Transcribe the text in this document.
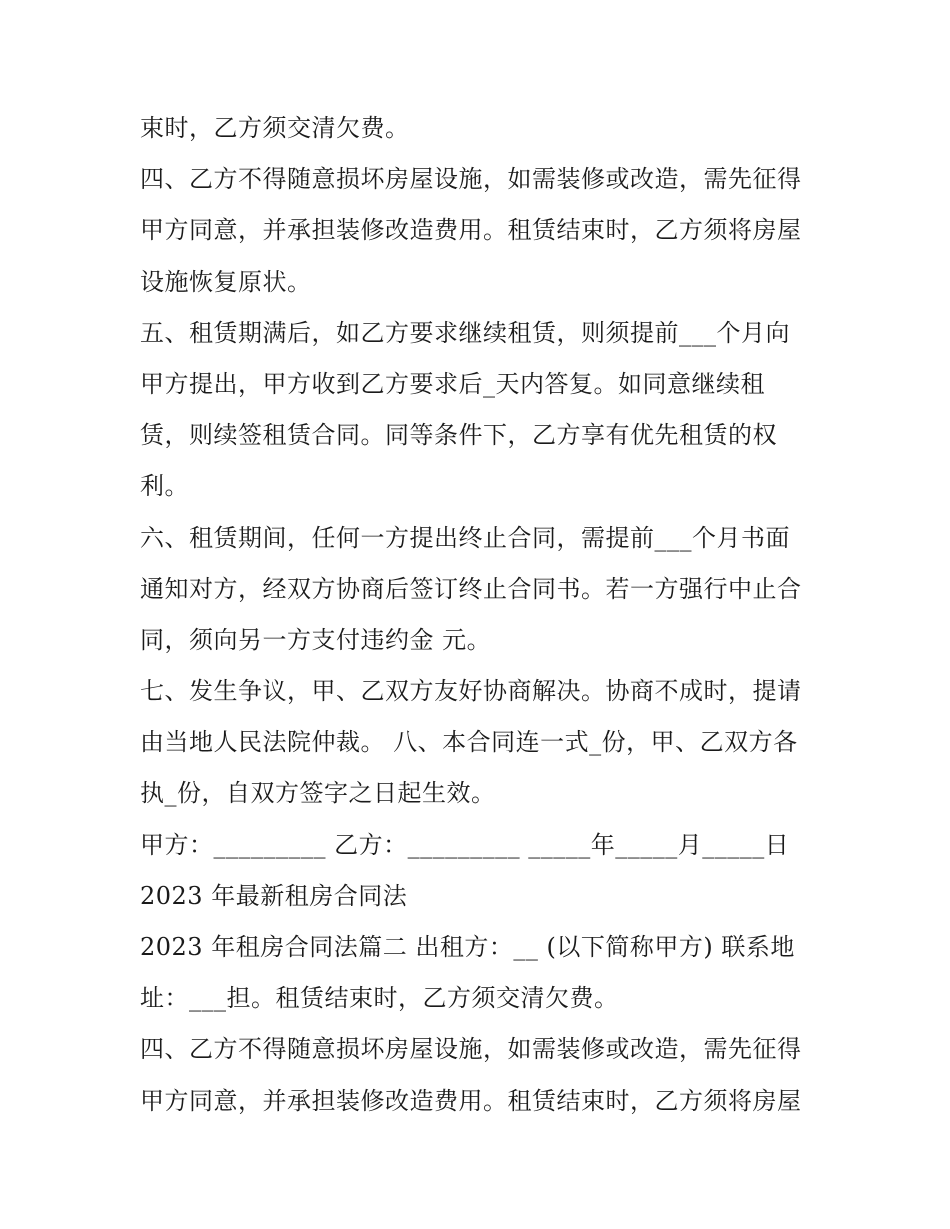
束时，乙方须交清欠费。
四、乙方不得随意损坏房屋设施，如需装修或改造，需先征得
甲方同意，并承担装修改造费用。租赁结束时，乙方须将房屋
设施恢复原状。
五、租赁期满后，如乙方要求继续租赁，则须提前___个月向
甲方提出，甲方收到乙方要求后_天内答复。如同意继续租
赁，则续签租赁合同。同等条件下，乙方享有优先租赁的权
利。
六、租赁期间，任何一方提出终止合同，需提前___个月书面
通知对方，经双方协商后签订终止合同书。若一方强行中止合
同，须向另一方支付违约金 元。
七、发生争议，甲、乙双方友好协商解决。协商不成时，提请
由当地人民法院仲裁。 八、本合同连一式_份，甲、乙双方各
执_份，自双方签字之日起生效。
甲方：_________ 乙方：_________ _____年_____月_____日
2023 年最新租房合同法
2023 年租房合同法篇二 出租方：__ (以下简称甲方) 联系地
址：___担。租赁结束时，乙方须交清欠费。
四、乙方不得随意损坏房屋设施，如需装修或改造，需先征得
甲方同意，并承担装修改造费用。租赁结束时，乙方须将房屋
